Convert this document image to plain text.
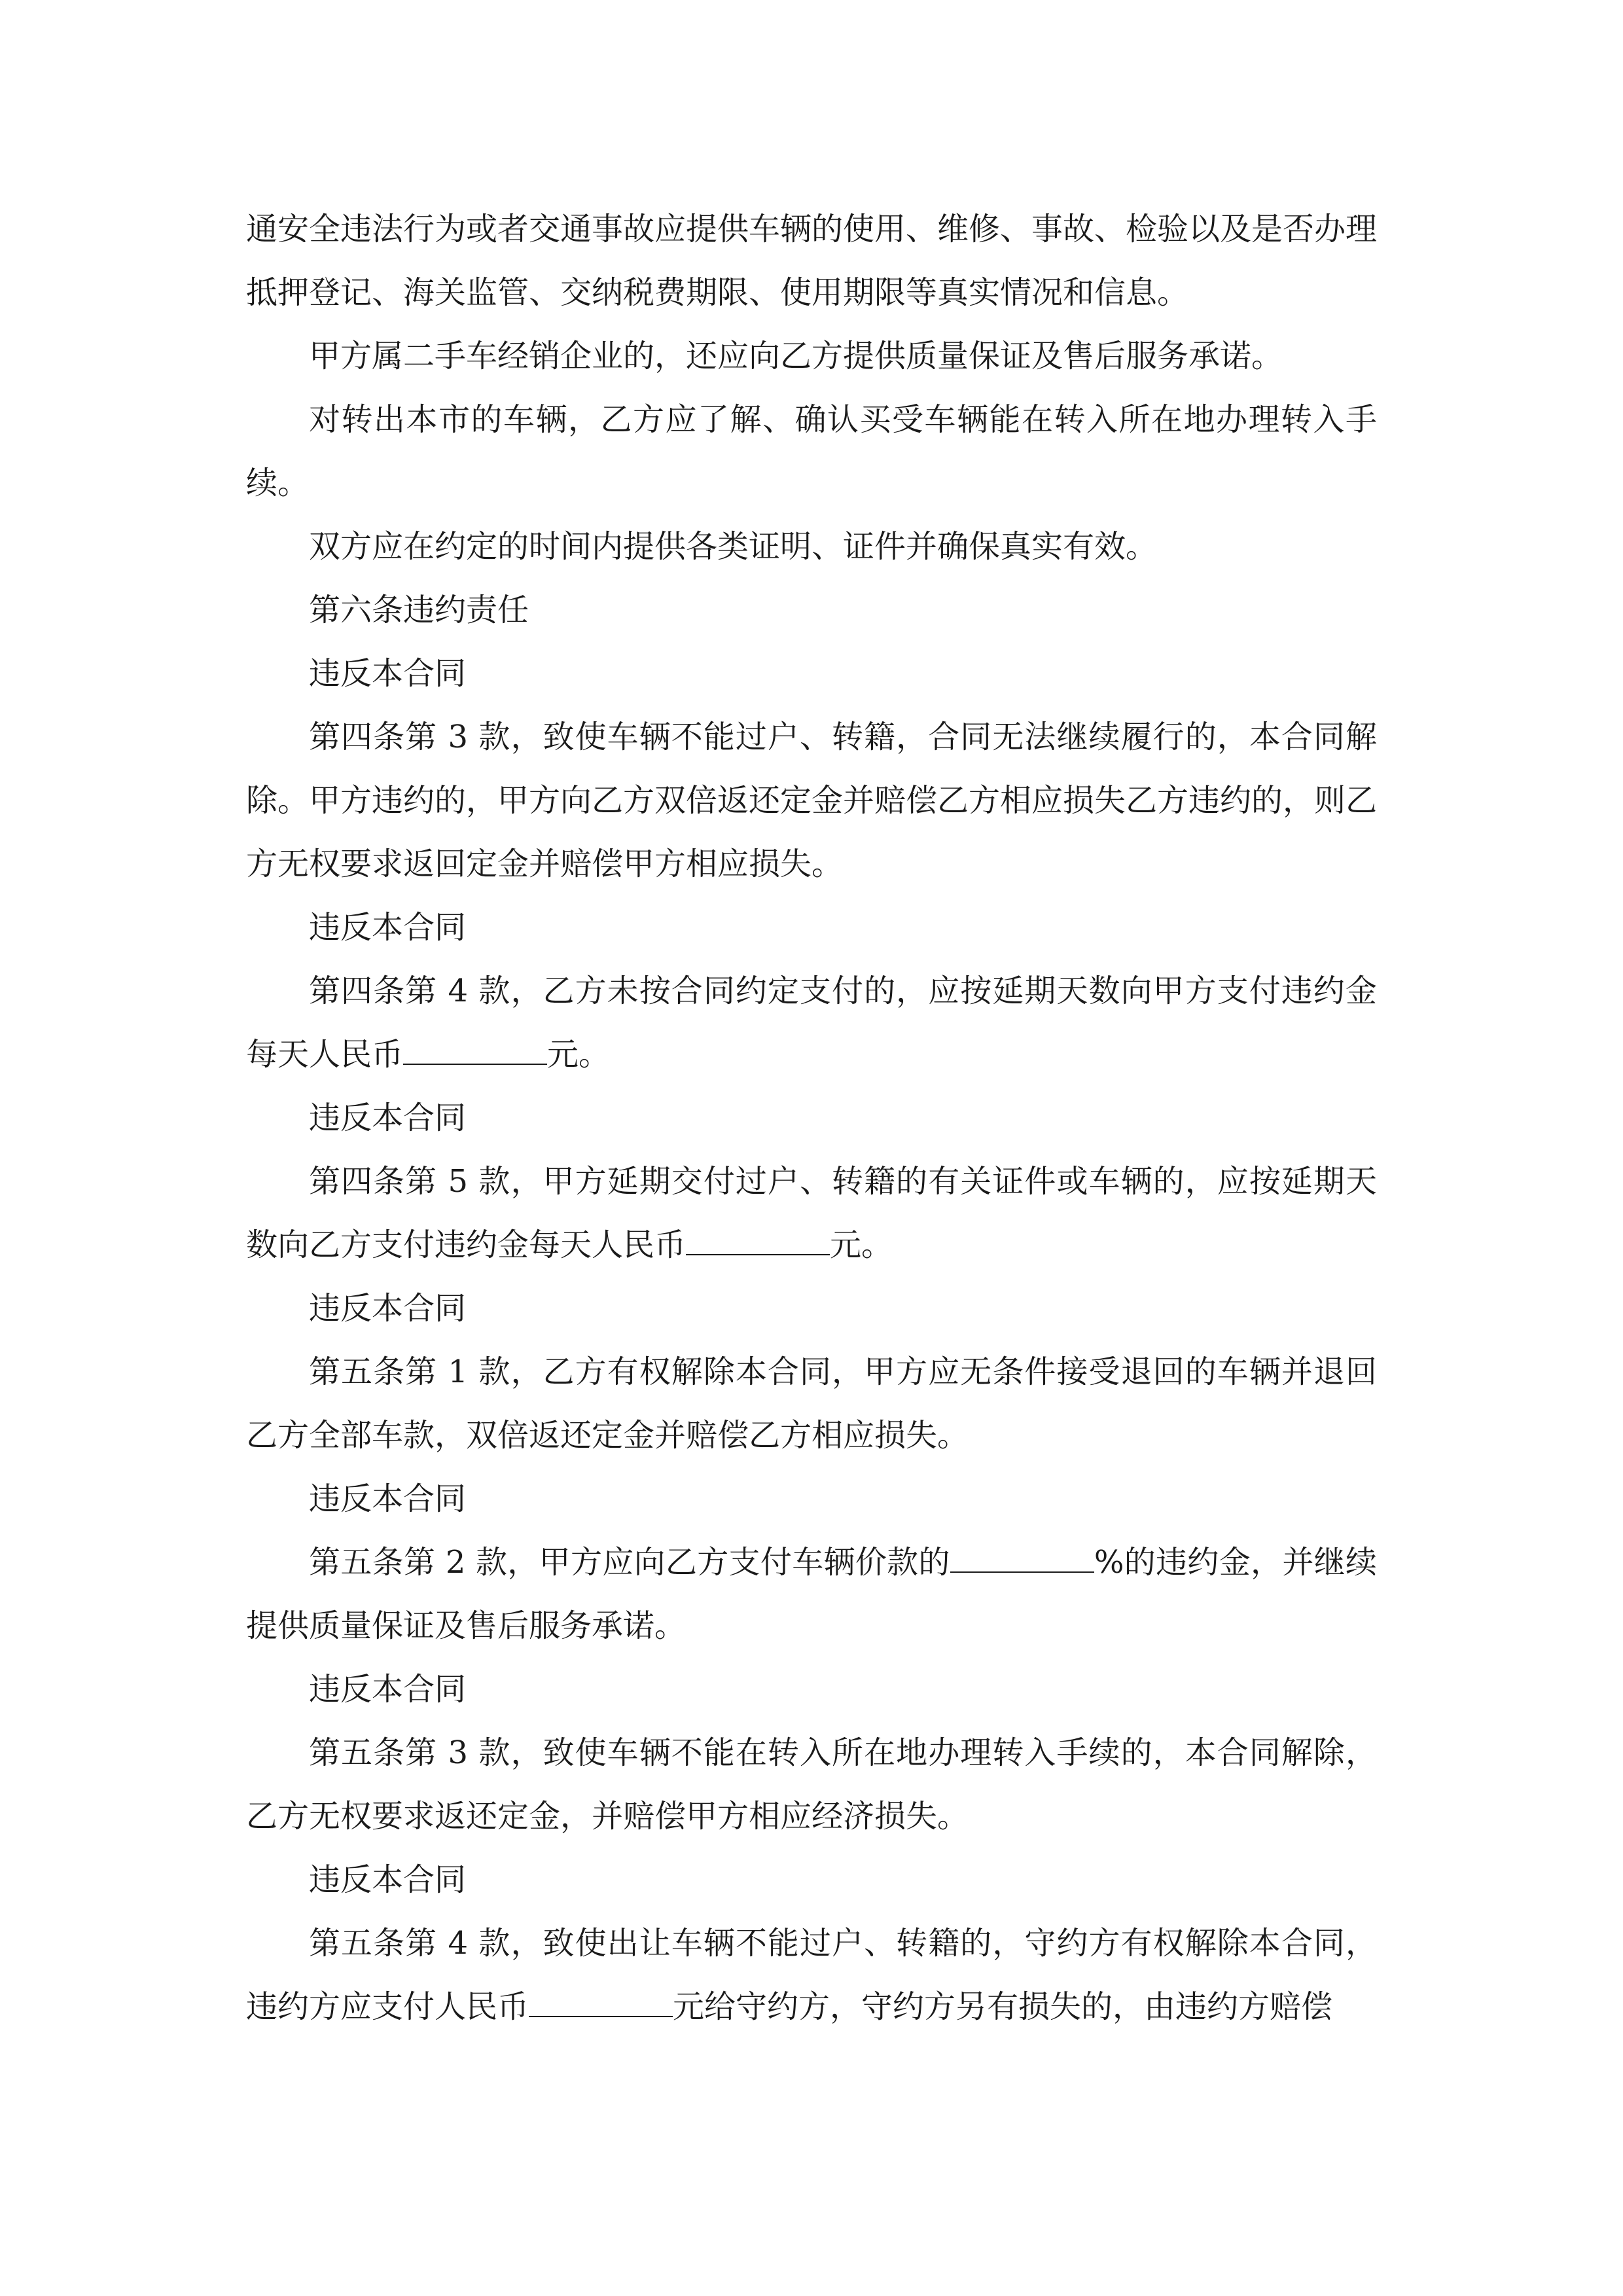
通安全违法行为或者交通事故应提供车辆的使用、维修、事故、检验以及是否办理抵押登记、海关监管、交纳税费期限、使用期限等真实情况和信息。

甲方属二手车经销企业的，还应向乙方提供质量保证及售后服务承诺。

对转出本市的车辆，乙方应了解、确认买受车辆能在转入所在地办理转入手续。

双方应在约定的时间内提供各类证明、证件并确保真实有效。

第六条违约责任

违反本合同

第四条第 3 款，致使车辆不能过户、转籍，合同无法继续履行的，本合同解除。甲方违约的，甲方向乙方双倍返还定金并赔偿乙方相应损失乙方违约的，则乙方无权要求返回定金并赔偿甲方相应损失。

违反本合同

第四条第 4 款，乙方未按合同约定支付的，应按延期天数向甲方支付违约金每天人民币	元。

违反本合同

第四条第 5 款，甲方延期交付过户、转籍的有关证件或车辆的，应按延期天数向乙方支付违约金每天人民币	元。

违反本合同

第五条第 1 款，乙方有权解除本合同，甲方应无条件接受退回的车辆并退回乙方全部车款，双倍返还定金并赔偿乙方相应损失。

违反本合同

第五条第 2 款，甲方应向乙方支付车辆价款的	%的违约金，并继续提供质量保证及售后服务承诺。

违反本合同

第五条第 3 款，致使车辆不能在转入所在地办理转入手续的，本合同解除，乙方无权要求返还定金，并赔偿甲方相应经济损失。

违反本合同

第五条第 4 款，致使出让车辆不能过户、转籍的，守约方有权解除本合同，违约方应支付人民币	元给守约方，守约方另有损失的，由违约方赔偿
